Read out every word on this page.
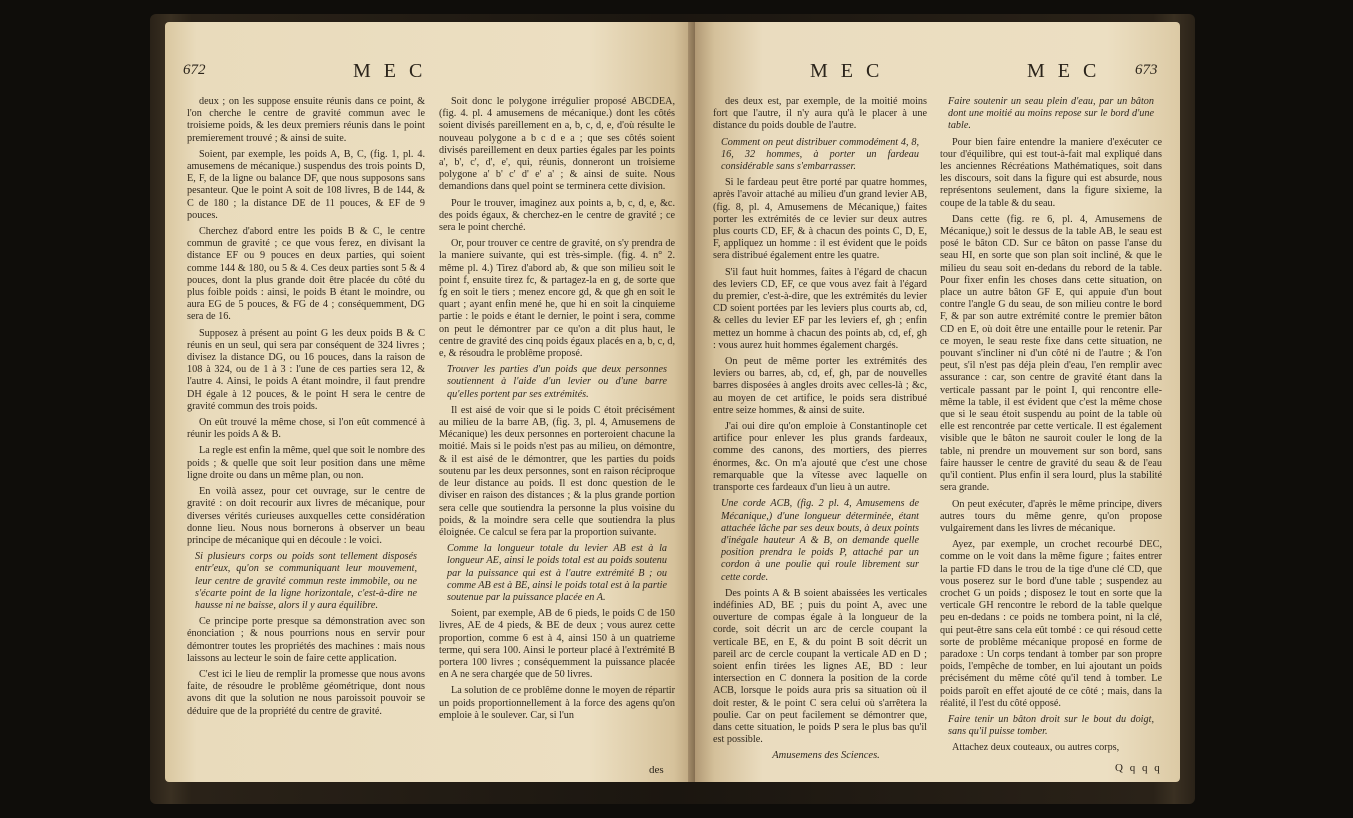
672	M E C

deux ; on les suppose ensuite réunis dans ce point, & l'on cherche le centre de gravité commun avec le troisieme poids, & les deux premiers réunis dans le point premierement trouvé ; & ainsi de suite.

Soient, par exemple, les poids A, B, C, (fig. 1, pl. 4. amusemens de mécanique.) suspendus des trois points D, E, F, de la ligne ou balance DF, que nous supposons sans pesanteur. Que le point A soit de 108 livres, B de 144, & C de 180 ; la distance DE de 11 pouces, & EF de 9 pouces.

Cherchez d'abord entre les poids B & C, le centre commun de gravité ; ce que vous ferez, en divisant la distance EF ou 9 pouces en deux parties, qui soient comme 144 & 180, ou 5 & 4. Ces deux parties sont 5 & 4 pouces, dont la plus grande doit être placée du côté du plus foible poids : ainsi, le poids B étant le moindre, ou aura EG de 5 pouces, & FG de 4 ; conséquemment, DG sera de 16.

Supposez à présent au point G les deux poids B & C réunis en un seul, qui sera par conséquent de 324 livres ; divisez la distance DG, ou 16 pouces, dans la raison de 108 à 324, ou de 1 à 3 : l'une de ces parties sera 12, & l'autre 4. Ainsi, le poids A étant moindre, il faut prendre DH égale à 12 pouces, & le point H sera le centre de gravité commun des trois poids.

On eût trouvé la même chose, si l'on eût commencé à réunir les poids A & B.

La regle est enfin la même, quel que soit le nombre des poids ; & quelle que soit leur position dans une même ligne droite ou dans un même plan, ou non.

En voilà assez, pour cet ouvrage, sur le centre de gravité : on doit recourir aux livres de mécanique, pour diverses vérités curieuses auxquelles cette considération donne lieu. Nous nous bornerons à observer un beau principe de mécanique qui en découle : le voici.

Si plusieurs corps ou poids sont tellement disposés entr'eux, qu'on se communiquant leur mouvement, leur centre de gravité commun reste immobile, ou ne s'écarte point de la ligne horizontale, c'est-à-dire ne hausse ni ne baisse, alors il y aura équilibre.

Ce principe porte presque sa démonstration avec son énonciation ; & nous pourrions nous en servir pour démontrer toutes les propriétés des machines : mais nous laissons au lecteur le soin de faire cette application.

C'est ici le lieu de remplir la promesse que nous avons faite, de résoudre le problême géométrique, dont nous avons dit que la solution ne nous paroissoit pouvoir se déduire que de la propriété du centre de gravité.

Soit donc le polygone irrégulier proposé ABCDEA, (fig. 4. pl. 4 amusemens de mécanique.) dont les côtés soient divisés pareillement en a, b, c, d, e, d'où résulte le nouveau polygone a b c d e a ; que ses côtés soient divisés pareillement en deux parties égales par les points a', b', c', d', e', qui, réunis, donneront un troisieme polygone a' b' c' d' e' a' ; & ainsi de suite. Nous demandions dans quel point se terminera cette division.

Pour le trouver, imaginez aux points a, b, c, d, e, &c. des poids égaux, & cherchez-en le centre de gravité ; ce sera le point cherché.

Or, pour trouver ce centre de gravité, on s'y prendra de la maniere suivante, qui est très-simple. (fig. 4. n° 2. même pl. 4.) Tirez d'abord ab, & que son milieu soit le point f, ensuite tirez fc, & partagez-la en g, de sorte que fg en soit le tiers ; menez encore gd, & que gh en soit le quart ; ayant enfin mené he, que hi en soit la cinquieme partie : le poids e étant le dernier, le point i sera, comme on peut le démontrer par ce qu'on a dit plus haut, le centre de gravité des cinq poids égaux placés en a, b, c, d, e, & résoudra le problême proposé.

Trouver les parties d'un poids que deux personnes soutiennent à l'aide d'un levier ou d'une barre qu'elles portent par ses extrémités.

Il est aisé de voir que si le poids C étoit précisément au milieu de la barre AB, (fig. 3, pl. 4, Amusemens de Mécanique) les deux personnes en porteroient chacune la moitié. Mais si le poids n'est pas au milieu, on démontre, & il est aisé de le démontrer, que les parties du poids soutenu par les deux personnes, sont en raison réciproque de leur distance au poids. Il est donc question de le diviser en raison des distances ; & la plus grande portion sera celle que soutiendra la personne la plus voisine du poids, & la moindre sera celle que soutiendra la plus éloignée. Ce calcul se fera par la proportion suivante.

Comme la longueur totale du levier AB est à la longueur AE, ainsi le poids total est au poids soutenu par la puissance qui est à l'autre extrémité B ; ou comme AB est à BE, ainsi le poids total est à la partie soutenue par la puissance placée en A.

Soient, par exemple, AB de 6 pieds, le poids C de 150 livres, AE de 4 pieds, & BE de deux ; vous aurez cette proportion, comme 6 est à 4, ainsi 150 à un quatrieme terme, qui sera 100. Ainsi le porteur placé à l'extrémité B portera 100 livres ; conséquemment la puissance placée en A ne sera chargée que de 50 livres.

La solution de ce problême donne le moyen de répartir un poids proportionnellement à la force des agens qu'on emploie à le soulever. Car, si l'un

des
M E C	M E C 673

des deux est, par exemple, de la moitié moins fort que l'autre, il n'y aura qu'à le placer à une distance du poids double de l'autre.

Comment on peut distribuer commodément 4, 8, 16, 32 hommes, à porter un fardeau considérable sans s'embarrasser.

Si le fardeau peut être porté par quatre hommes, après l'avoir attaché au milieu d'un grand levier AB, (fig. 8, pl. 4, Amusemens de Mécanique,) faites porter les extrémités de ce levier sur deux autres plus courts CD, EF, & à chacun des points C, D, E, F, appliquez un homme : il est évident que le poids sera distribué également entre les quatre.

S'il faut huit hommes, faites à l'égard de chacun des leviers CD, EF, ce que vous avez fait à l'égard du premier, c'est-à-dire, que les extrémités du levier CD soient portées par les leviers plus courts ab, cd, & celles du levier EF par les leviers ef, gh ; enfin mettez un homme à chacun des points ab, cd, ef, gh : vous aurez huit hommes également chargés.

On peut de même porter les extrémités des leviers ou barres, ab, cd, ef, gh, par de nouvelles barres disposées à angles droits avec celles-là ; &c, au moyen de cet artifice, le poids sera distribué entre seize hommes, & ainsi de suite.

J'ai oui dire qu'on emploie à Constantinople cet artifice pour enlever les plus grands fardeaux, comme des canons, des mortiers, des pierres énormes, &c. On m'a ajouté que c'est une chose remarquable que la vîtesse avec laquelle on transporte ces fardeaux d'un lieu à un autre.

Une corde ACB, (fig. 2 pl. 4, Amusemens de Mécanique,) d'une longueur déterminée, étant attachée lâche par ses deux bouts, à deux points d'inégale hauteur A & B, on demande quelle position prendra le poids P, attaché par un cordon à une poulie qui roule librement sur cette corde.

Des points A & B soient abaissées les verticales indéfinies AD, BE ; puis du point A, avec une ouverture de compas égale à la longueur de la corde, soit décrit un arc de cercle coupant la verticale BE, en E, & du point B soit décrit un pareil arc de cercle coupant la verticale AD en D ; soient enfin tirées les lignes AE, BD : leur intersection en C donnera la position de la corde ACB, lorsque le poids aura pris sa situation où il doit rester, & le point C sera celui où s'arrêtera la poulie. Car on peut facilement se démontrer que, dans cette situation, le poids P sera le plus bas qu'il est possible.

Amusemens des Sciences.

Faire soutenir un seau plein d'eau, par un bâton dont une moitié au moins repose sur le bord d'une table.

Pour bien faire entendre la maniere d'exécuter ce tour d'équilibre, qui est tout-à-fait mal expliqué dans les anciennes Récréations Mathématiques, soit dans les discours, soit dans la figure qui est absurde, nous représentons seulement, dans la figure sixieme, la coupe de la table & du seau.

Dans cette (fig. re 6, pl. 4, Amusemens de Mécanique,) soit le dessus de la table AB, le seau est posé le bâton CD. Sur ce bâton on passe l'anse du seau HI, en sorte que son plan soit incliné, & que le milieu du seau soit en-dedans du rebord de la table. Pour fixer enfin les choses dans cette situation, on place un autre bâton GF E, qui appuie d'un bout contre l'angle G du seau, de son milieu contre le bord F, & par son autre extrémité contre le premier bâton CD en E, où doit être une entaille pour le retenir. Par ce moyen, le seau reste fixe dans cette situation, ne pouvant s'incliner ni d'un côté ni de l'autre ; & l'on peut, s'il n'est pas déja plein d'eau, l'en remplir avec assurance : car, son centre de gravité étant dans la verticale passant par le point I, qui rencontre elle-même la table, il est évident que c'est la même chose que si le seau étoit suspendu au point de la table où elle est rencontrée par cette verticale. Il est également visible que le bâton ne sauroit couler le long de la table, ni prendre un mouvement sur son bord, sans faire hausser le centre de gravité du seau & de l'eau qu'il contient. Plus enfin il sera lourd, plus la stabilité sera grande.

On peut exécuter, d'après le même principe, divers autres tours du même genre, qu'on propose vulgairement dans les livres de mécanique.

Ayez, par exemple, un crochet recourbé DEC, comme on le voit dans la même figure ; faites entrer la partie FD dans le trou de la tige d'une clé CD, que vous poserez sur le bord d'une table ; suspendez au crochet G un poids ; disposez le tout en sorte que la verticale GH rencontre le rebord de la table quelque peu en-dedans : ce poids ne tombera point, ni la clé, qui peut-être sans cela eût tombé : ce qui résoud cette sorte de problême mécanique proposé en forme de paradoxe : Un corps tendant à tomber par son propre poids, l'empêche de tomber, en lui ajoutant un poids précisément du même côté qu'il tend à tomber. Le poids paroît en effet ajouté de ce côté ; mais, dans la réalité, il l'est du côté opposé.

Faire tenir un bâton droit sur le bout du doigt, sans qu'il puisse tomber.

Attachez deux couteaux, ou autres corps,

Q q q q
